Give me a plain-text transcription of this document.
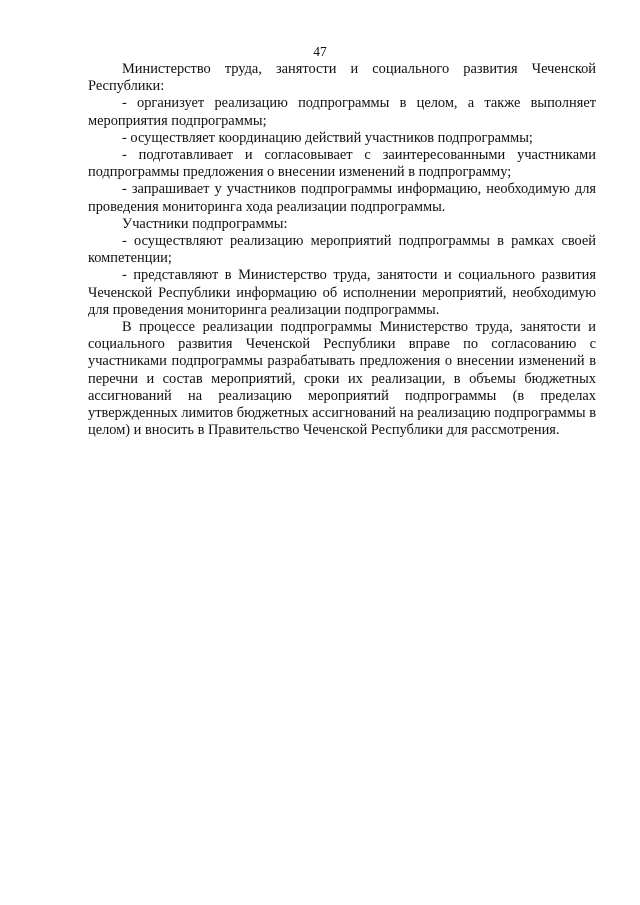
47

Министерство труда, занятости и социального развития Чеченской Республики:

- организует реализацию подпрограммы в целом, а также выполняет мероприятия подпрограммы;

- осуществляет координацию действий участников подпрограммы;

- подготавливает и согласовывает с заинтересованными участниками подпрограммы предложения о внесении изменений в подпрограмму;

- запрашивает у участников подпрограммы информацию, необходимую для проведения мониторинга хода реализации подпрограммы.

Участники подпрограммы:

- осуществляют реализацию мероприятий подпрограммы в рамках своей компетенции;

- представляют в Министерство труда, занятости и социального развития Чеченской Республики информацию об исполнении мероприятий, необходимую для проведения мониторинга реализации подпрограммы.

В процессе реализации подпрограммы Министерство труда, занятости и социального развития Чеченской Республики вправе по согласованию с участниками подпрограммы разрабатывать предложения о внесении изменений в перечни и состав мероприятий, сроки их реализации, в объемы бюджетных ассигнований на реализацию мероприятий подпрограммы (в пределах утвержденных лимитов бюджетных ассигнований на реализацию подпрограммы в целом) и вносить в Правительство Чеченской Республики для рассмотрения.
